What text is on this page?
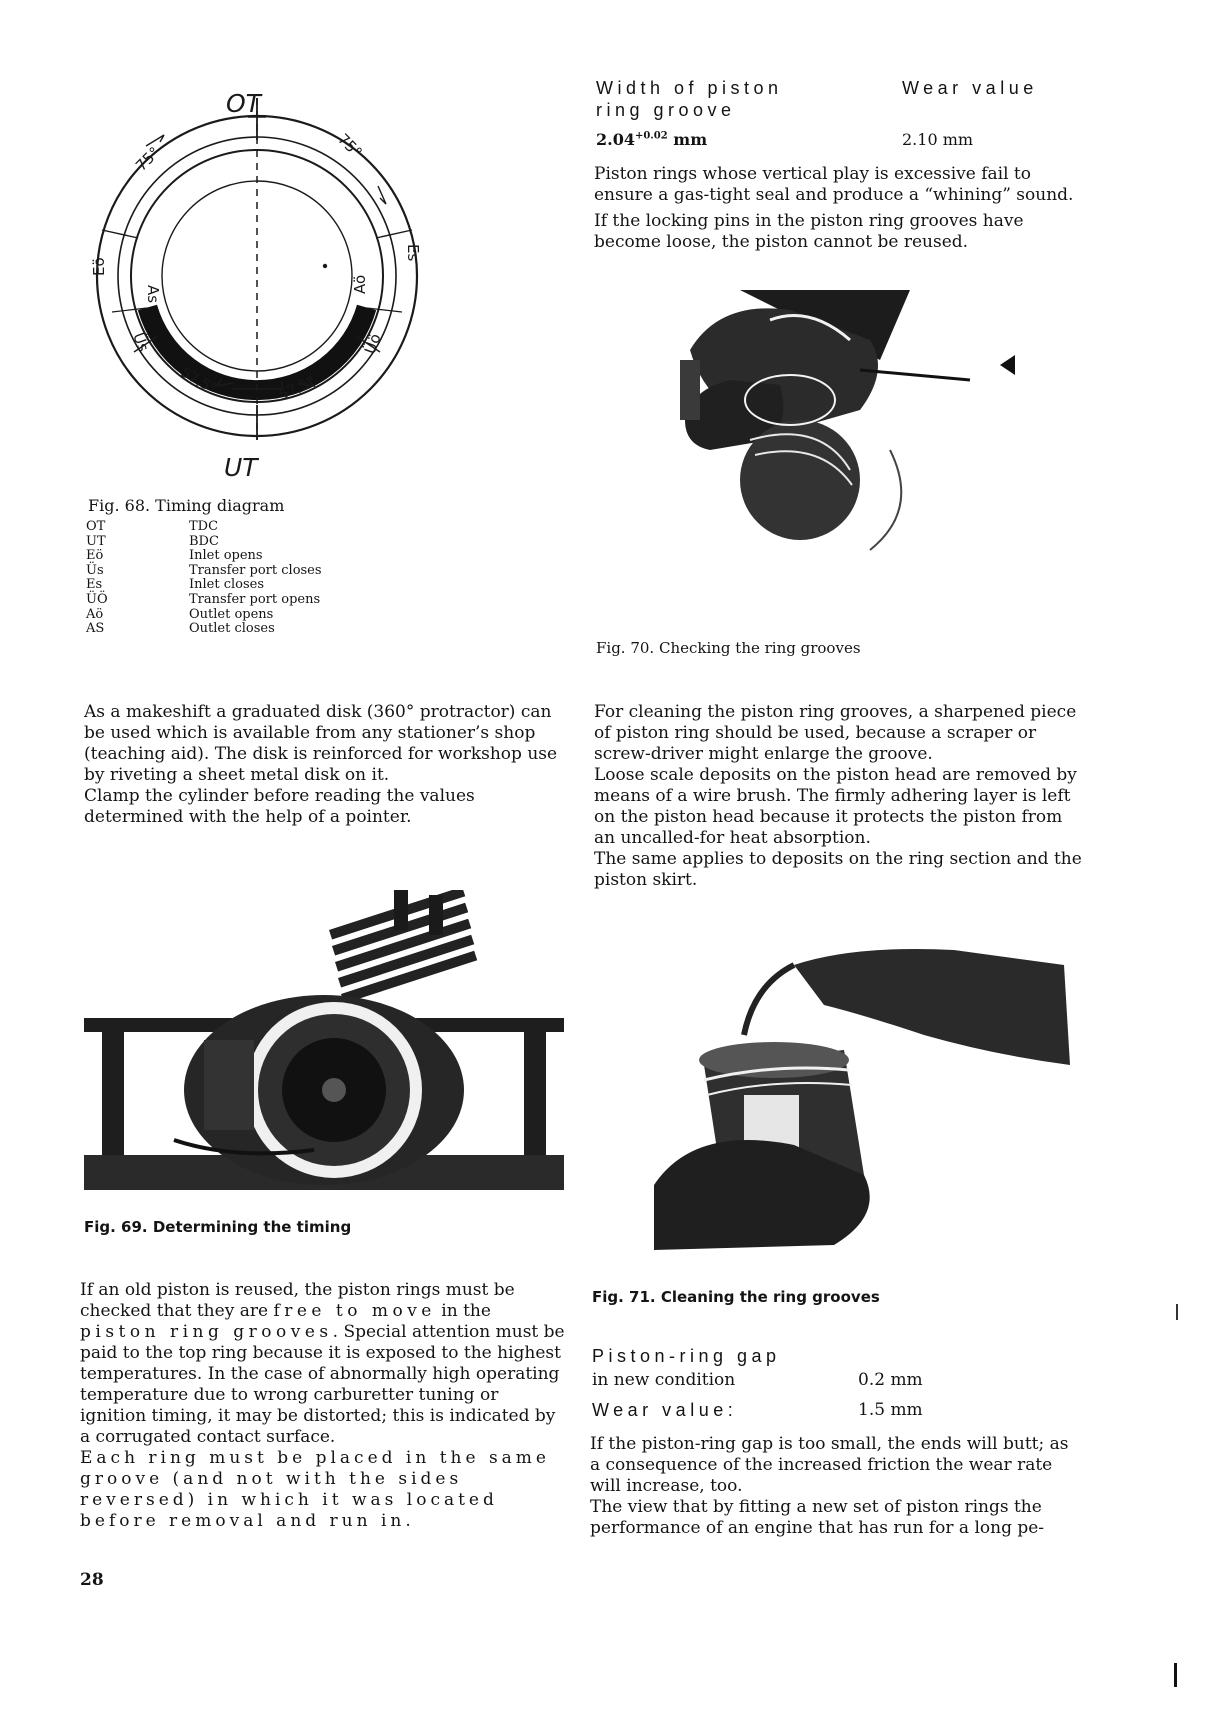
OT
UT
75°	75°
57,5°	57,5°
Eö
Es
As
Aö
Üs	Üö
Fig. 68. Timing diagram
OT	TDC
UT	BDC
Eö	Inlet opens
Üs	Transfer port closes
Es	Inlet closes
ÜÖ	Transfer port opens
Aö	Outlet opens
AS	Outlet closes
Width of piston
ring groove
Wear value
$2.04^{+0.02}$ mm	2.10 mm

Piston rings whose vertical play is excessive fail to ensure a gas-tight seal and produce a “whining” sound.

If the locking pins in the piston ring grooves have become loose, the piston cannot be reused.

Fig. 70. Checking the ring grooves

As a makeshift a graduated disk (360° protractor) can be used which is available from any stationer’s shop (teaching aid). The disk is reinforced for workshop use by riveting a sheet metal disk on it.

Clamp the cylinder before reading the values determined with the help of a pointer.

For cleaning the piston ring grooves, a sharpened piece of piston ring should be used, because a scraper or screw-driver might enlarge the groove.

Loose scale deposits on the piston head are removed by means of a wire brush. The firmly adhering layer is left on the piston head because it protects the piston from an uncalled-for heat absorption.

The same applies to deposits on the ring section and the piston skirt.

Fig. 69. Determining the timing
Fig. 71. Cleaning the ring grooves

If an old piston is reused, the piston rings must be checked that they are free to move in the piston ring grooves. Special attention must be paid to the top ring because it is exposed to the highest temperatures. In the case of abnormally high operating temperature due to wrong carburetter tuning or ignition timing, it may be distorted; this is indicated by a corrugated contact surface.

Each ring must be placed in the same groove (and not with the sides reversed) in which it was located before removal and run in.

Piston-ring gap
in new condition	0.2 mm
Wear value:	1.5 mm

If the piston-ring gap is too small, the ends will butt; as a consequence of the increased friction the wear rate will increase, too.

The view that by fitting a new set of piston rings the performance of an engine that has run for a long pe-

28
